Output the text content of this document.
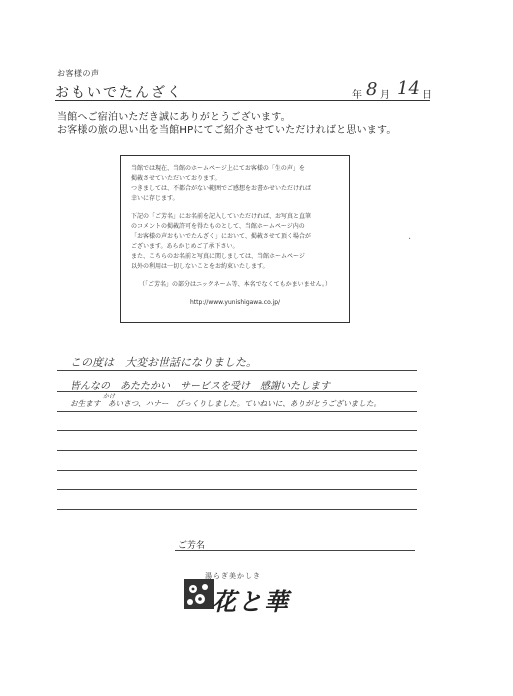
お客様の声
おもいでたんざく	年 8 月 14 日
当館へご宿泊いただき誠にありがとうございます。
お客様の旅の思い出を当館HPにてご紹介させていただければと思います。

当館では現在、当館のホームページ上にてお客様の「生の声」を

掲載させていただいております。

つきましては、不都合がない範囲でご感想をお書かせいただければ

幸いに存じます。

下記の「ご芳名」にお名前を記入していただければ、お写真と直筆

のコメントの掲載許可を得たものとして、当館ホームページ内の

「お客様の声おもいでたんざく」において、掲載させて頂く場合が

ございます。あらかじめご了承下さい。

また、こちらのお名前と写真に関しましては、当館ホームページ

以外の利用は一切しないことをお約束いたします。

（「ご芳名」の部分はニックネーム等、本名でなくてもかまいません。）

http://www.yunishigawa.co.jp/

·
この度は　大変お世話になりました。
皆んなの　あたたかい　サービスを受け　感謝いたします
かけ
お生ます　あいさつ、ハナー　びっくりしました。ていねいに、ありがとうございました。
ご芳名
湯らぎ美かしき
花と華
